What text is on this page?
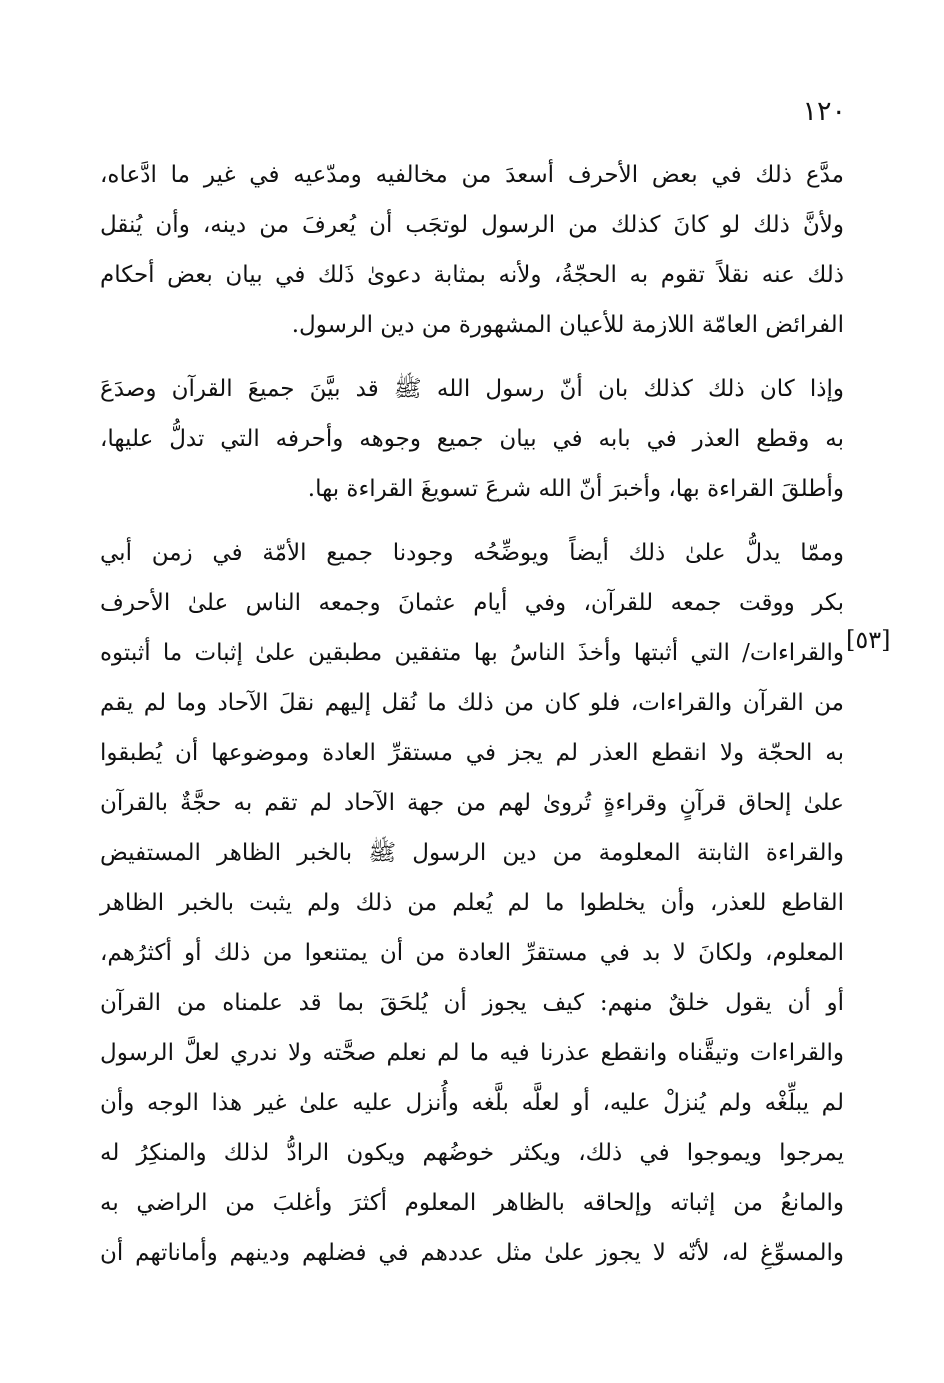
١٢٠
[٥٣]
مدَّع ذلك في بعض الأحرف أسعدَ من مخالفيه ومدّعيه في غير ما ادَّعاه،
ولأنَّ ذلك لو كانَ كذلك من الرسول لوتجَب أن يُعرفَ من دينه، وأن يُنقل
ذلك عنه نقلاً تقوم به الحجّةُ، ولأنه بمثابة دعوىٰ ذَلك في بيان بعض أحكام
الفرائض العامّة اللازمة للأعيان المشهورة من دين الرسول.
وإذا كان ذلك كذلك بان أنّ رسول الله ﷺ قد بيَّنَ جميعَ القرآن وصدَعَ
به وقطع العذر في بابه في بيان جميع وجوهه وأحرفه التي تدلُّ عليها،
وأطلقَ القراءة بها، وأخبرَ أنّ الله شرعَ تسويغَ القراءة بها.
وممّا يدلُّ علىٰ ذلك أيضاً ويوضِّحُه وجودنا جميع الأمّة في زمن أبي
بكر ووقت جمعه للقرآن، وفي أيام عثمانَ وجمعه الناس علىٰ الأحرف
والقراءات/ التي أثبتها وأخذَ الناسُ بها متفقين مطبقين علىٰ إثبات ما أثبتوه
من القرآن والقراءات، فلو كان من ذلك ما نُقل إليهم نقلَ الآحاد وما لم يقم
به الحجّة ولا انقطع العذر لم يجز في مستقرِّ العادة وموضوعها أن يُطبقوا
علىٰ إلحاق قرآنٍ وقراءةٍ تُروىٰ لهم من جهة الآحاد لم تقم به حجَّةٌ بالقرآن
والقراءة الثابتة المعلومة من دين الرسول ﷺ بالخبر الظاهر المستفيض
القاطع للعذر، وأن يخلطوا ما لم يُعلم من ذلك ولم يثبت بالخبر الظاهر
المعلوم، ولكانَ لا بد في مستقرِّ العادة من أن يمتنعوا من ذلك أو أكثرُهم،
أو أن يقول خلقٌ منهم: كيف يجوز أن يُلحَقَ بما قد علمناه من القرآن
والقراءات وتيقَّناه وانقطع عذرنا فيه ما لم نعلم صحَّته ولا ندري لعلَّ الرسول
لم يبلِّغْه ولم يُنزلْ عليه، أو لعلَّه بلَّغه وأُنزل عليه علىٰ غير هذا الوجه وأن
يمرجوا ويموجوا في ذلك، ويكثر خوضُهم ويكون الرادُّ لذلك والمنكِرُ له
والمانعُ من إثباته وإلحاقه بالظاهر المعلوم أكثرَ وأغلبَ من الراضي به
والمسوِّغِ له، لأنّه لا يجوز علىٰ مثل عددهم في فضلهم ودينهم وأماناتهم أن
